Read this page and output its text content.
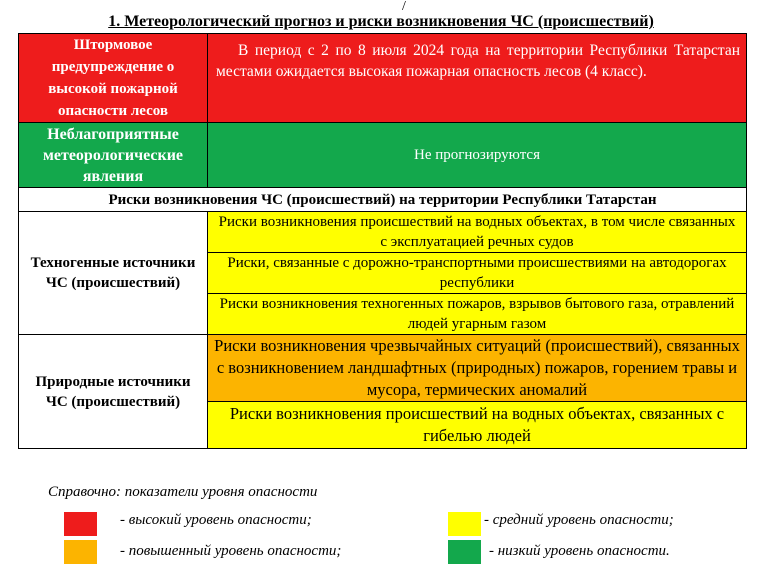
/
1. Метеорологический прогноз и риски возникновения ЧС (происшествий)
Штормовое предупреждение о высокой пожарной опасности лесов	В период с 2 по 8 июля 2024 года на территории Республики Татарстан местами ожидается высокая пожарная опасность лесов (4 класс).
Неблагоприятные метеорологические явления	Не прогнозируются
Риски возникновения ЧС (происшествий) на территории Республики Татарстан	
Техногенные источники ЧС (происшествий)	Риски возникновения происшествий на водных объектах, в том числе связанных с эксплуатацией речных судов
	Риски, связанные с дорожно-транспортными происшествиями на автодорогах республики
	Риски возникновения техногенных пожаров, взрывов бытового газа, отравлений людей угарным газом
Природные источники ЧС (происшествий)	Риски возникновения чрезвычайных ситуаций (происшествий), связанных с возникновением ландшафтных (природных) пожаров, горением травы и мусора, термических аномалий
	Риски возникновения происшествий на водных объектах, связанных с гибелью людей
Справочно: показатели уровня опасности
- высокий уровень опасности;
- повышенный уровень опасности;
- средний уровень опасности;
- низкий уровень опасности.
